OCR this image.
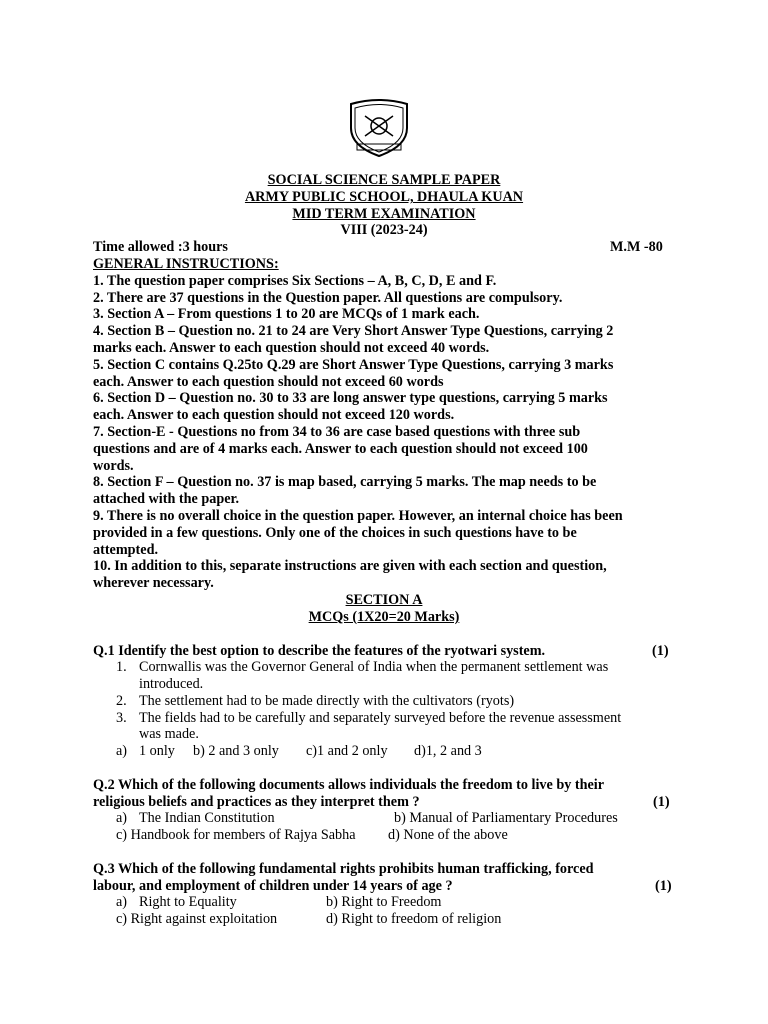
SOCIAL SCIENCE SAMPLE PAPER
ARMY PUBLIC SCHOOL, DHAULA KUAN
MID TERM EXAMINATION
VIII (2023-24)
Time allowed :3 hours	M.M -80
GENERAL INSTRUCTIONS:
1. The question paper comprises Six Sections – A, B, C, D, E and F.
2. There are 37 questions in the Question paper. All questions are compulsory.
3. Section A – From questions 1 to 20 are MCQs of 1 mark each.
4. Section B – Question no. 21 to 24 are Very Short Answer Type Questions, carrying 2
marks each. Answer to each question should not exceed 40 words.
5. Section C contains Q.25to Q.29 are Short Answer Type Questions, carrying 3 marks
each. Answer to each question should not exceed 60 words
6. Section D – Question no. 30 to 33 are long answer type questions, carrying 5 marks
each. Answer to each question should not exceed 120 words.
7. Section-E - Questions no from 34 to 36 are case based questions with three sub
questions and are of 4 marks each. Answer to each question should not exceed 100
words.
8. Section F – Question no. 37 is map based, carrying 5 marks. The map needs to be
attached with the paper.
9. There is no overall choice in the question paper. However, an internal choice has been
provided in a few questions. Only one of the choices in such questions have to be
attempted.
10. In addition to this, separate instructions are given with each section and question,
wherever necessary.
SECTION A
MCQs (1X20=20 Marks)
Q.1 Identify the best option to describe the features of the ryotwari system.	(1)
1. Cornwallis was the Governor General of India when the permanent settlement was
introduced.
2. The settlement had to be made directly with the cultivators (ryots)
3. The fields had to be carefully and separately surveyed before the revenue assessment
was made.
a) 1 only b) 2 and 3 only c)1 and 2 only d)1, 2 and 3
Q.2 Which of the following documents allows individuals the freedom to live by their
religious beliefs and practices as they interpret them ?	(1)
a) The Indian Constitution	b) Manual of Parliamentary Procedures
c) Handbook for members of Rajya Sabha d) None of the above
Q.3 Which of the following fundamental rights prohibits human trafficking, forced
labour, and employment of children under 14 years of age ?	(1)
a) Right to Equality	b) Right to Freedom
c) Right against exploitation	d) Right to freedom of religion
